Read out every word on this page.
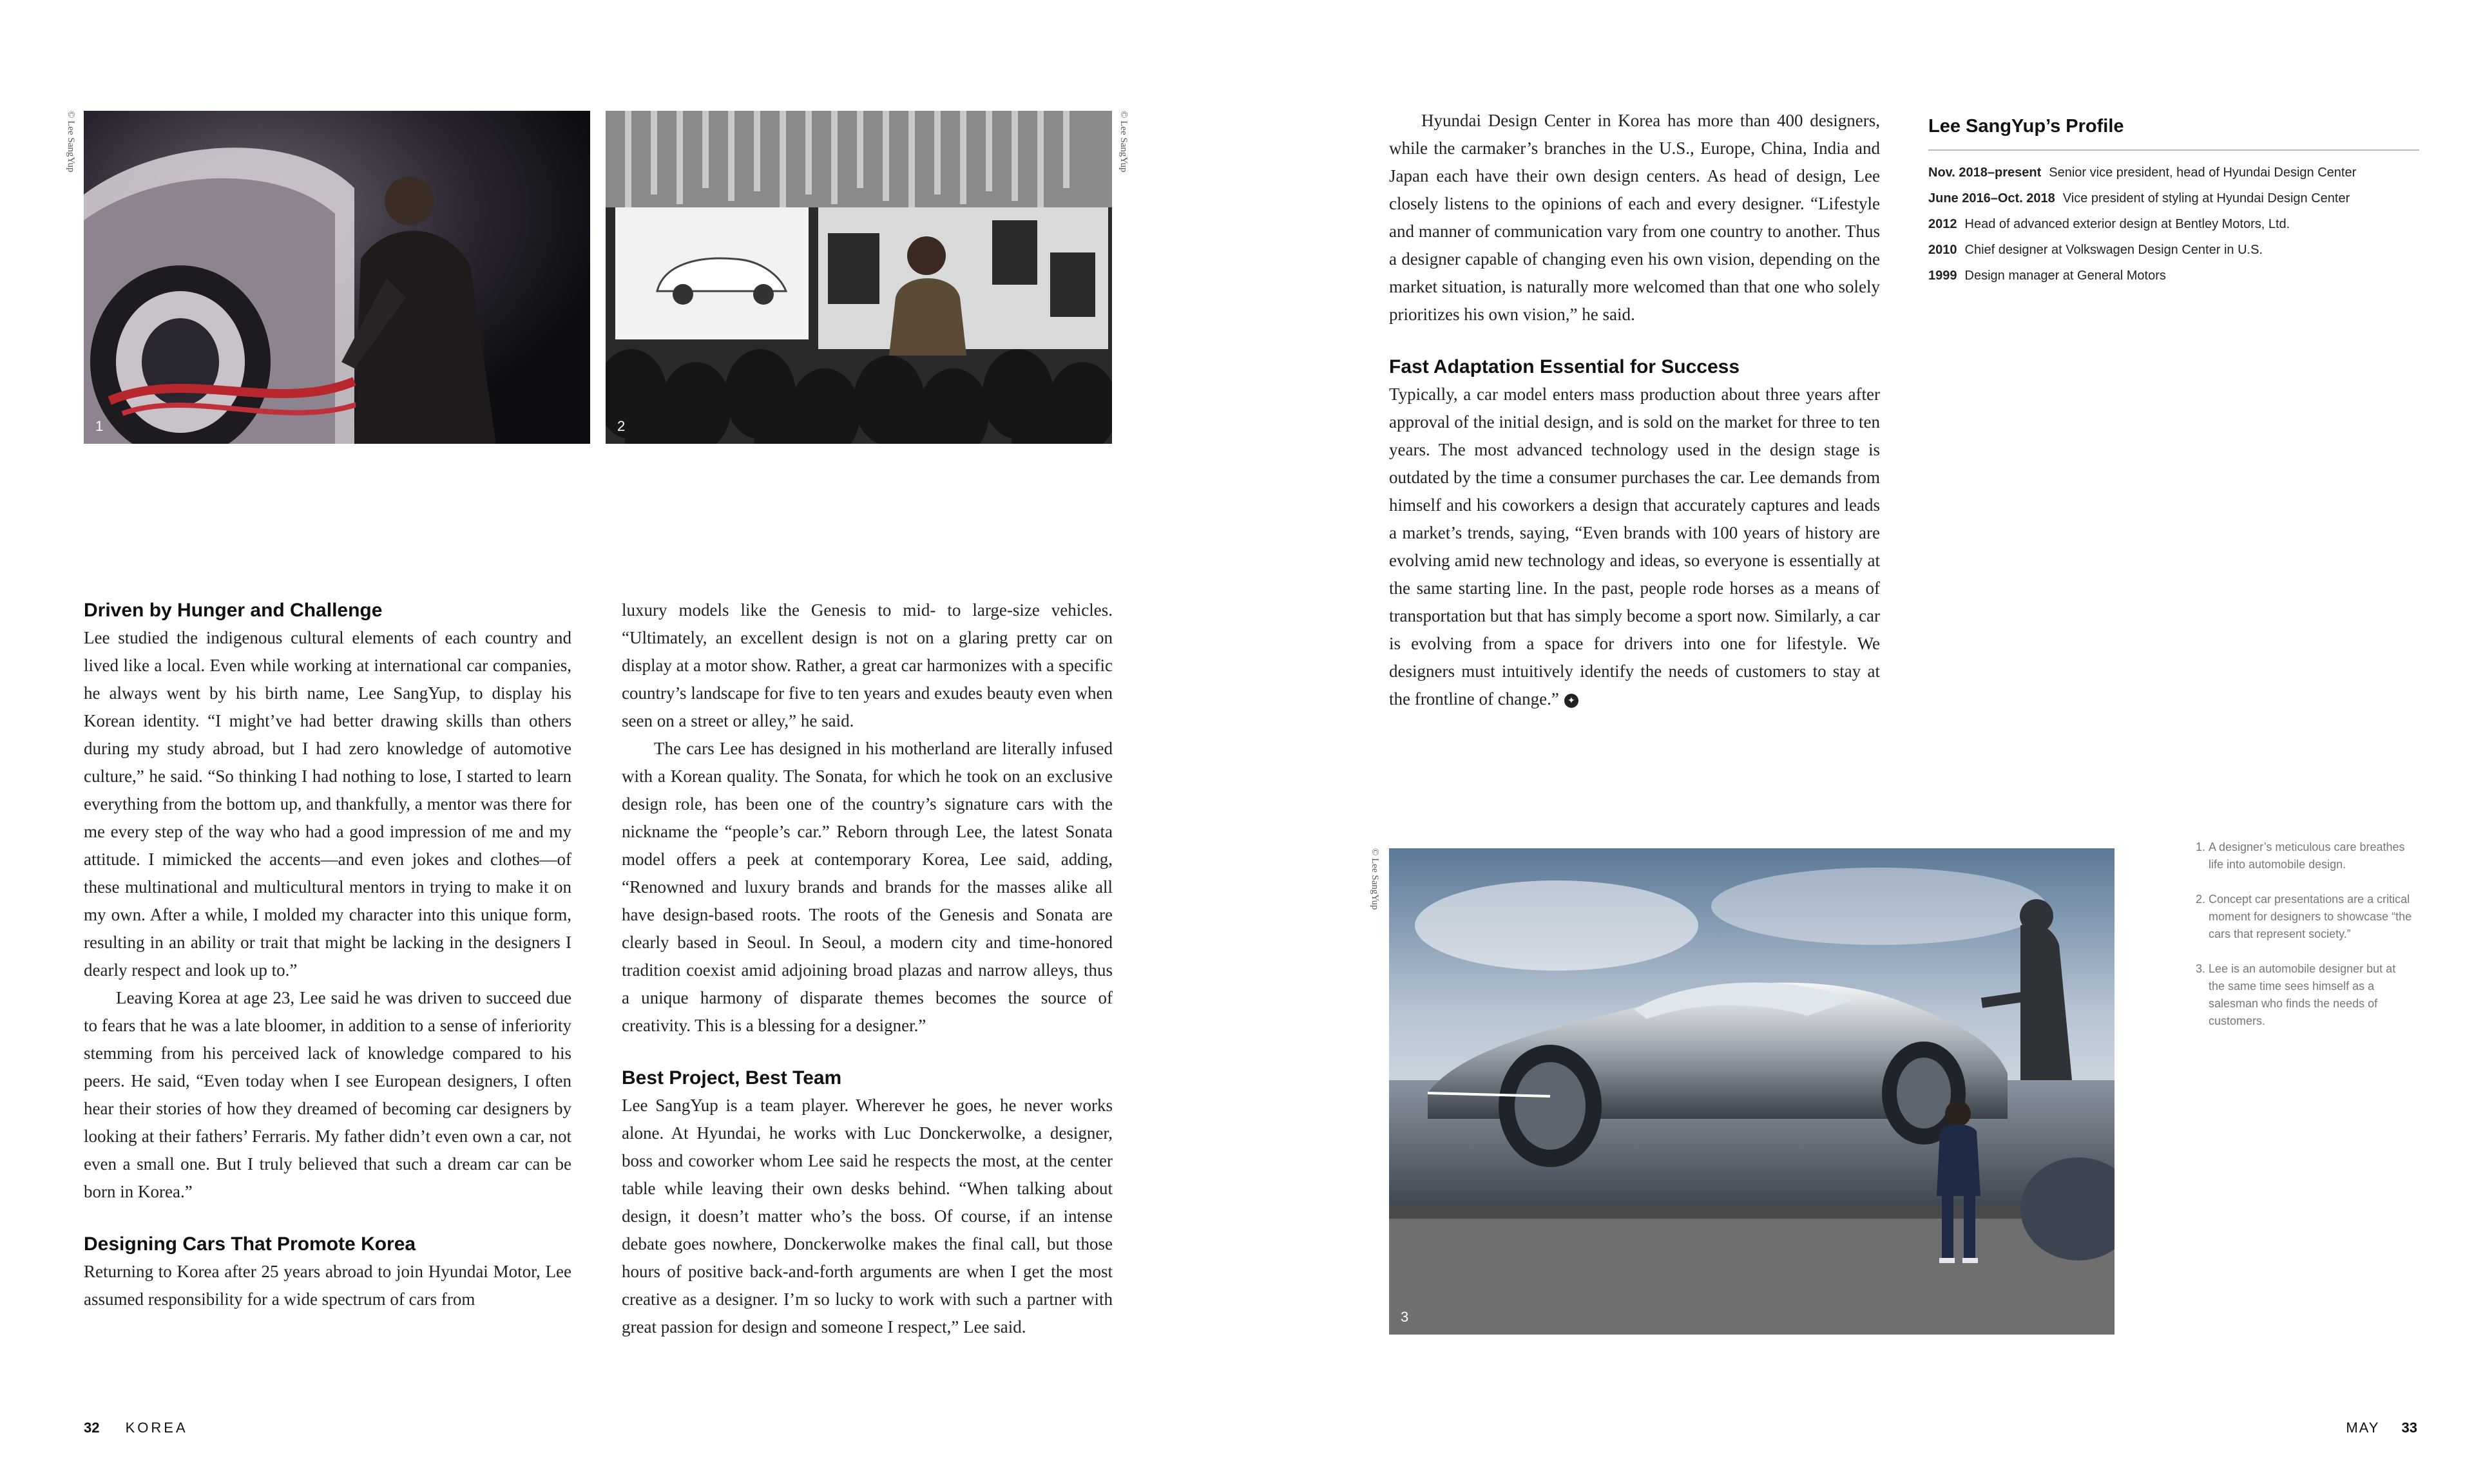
1
© Lee SangYup
2
© Lee SangYup
Driven by Hunger and Challenge

Lee studied the indigenous cultural elements of each country and lived like a local. Even while working at international car companies, he always went by his birth name, Lee SangYup, to display his Korean identity. “I might’ve had better drawing skills than others during my study abroad, but I had zero knowledge of automotive culture,” he said. “So thinking I had nothing to lose, I started to learn everything from the bottom up, and thankfully, a mentor was there for me every step of the way who had a good impression of me and my attitude. I mimicked the accents—and even jokes and clothes—of these multinational and multicultural mentors in trying to make it on my own. After a while, I molded my character into this unique form, resulting in an ability or trait that might be lacking in the designers I dearly respect and look up to.”

Leaving Korea at age 23, Lee said he was driven to succeed due to fears that he was a late bloomer, in addition to a sense of inferiority stemming from his perceived lack of knowledge compared to his peers. He said, “Even today when I see European designers, I often hear their stories of how they dreamed of becoming car designers by looking at their fathers’ Ferraris. My father didn’t even own a car, not even a small one. But I truly believed that such a dream car can be born in Korea.”

Designing Cars That Promote Korea

Returning to Korea after 25 years abroad to join Hyundai Motor, Lee assumed responsibility for a wide spectrum of cars from

luxury models like the Genesis to mid- to large-size vehicles. “Ultimately, an excellent design is not on a glaring pretty car on display at a motor show. Rather, a great car harmonizes with a specific country’s landscape for five to ten years and exudes beauty even when seen on a street or alley,” he said.

The cars Lee has designed in his motherland are literally infused with a Korean quality. The Sonata, for which he took on an exclusive design role, has been one of the country’s signature cars with the nickname the “people’s car.” Reborn through Lee, the latest Sonata model offers a peek at contemporary Korea, Lee said, adding, “Renowned and luxury brands and brands for the masses alike all have design-based roots. The roots of the Genesis and Sonata are clearly based in Seoul. In Seoul, a modern city and time-honored tradition coexist amid adjoining broad plazas and narrow alleys, thus a unique harmony of disparate themes becomes the source of creativity. This is a blessing for a designer.”

Best Project, Best Team

Lee SangYup is a team player. Wherever he goes, he never works alone. At Hyundai, he works with Luc Donckerwolke, a designer, boss and coworker whom Lee said he respects the most, at the center table while leaving their own desks behind. “When talking about design, it doesn’t matter who’s the boss. Of course, if an intense debate goes nowhere, Donckerwolke makes the final call, but those hours of positive back-and-forth arguments are when I get the most creative as a designer. I’m so lucky to work with such a partner with great passion for design and someone I respect,” Lee said.

32 KOREA

Hyundai Design Center in Korea has more than 400 designers, while the carmaker’s branches in the U.S., Europe, China, India and Japan each have their own design centers. As head of design, Lee closely listens to the opinions of each and every designer. “Lifestyle and manner of communication vary from one country to another. Thus a designer capable of changing even his own vision, depending on the market situation, is naturally more welcomed than that one who solely prioritizes his own vision,” he said.

Fast Adaptation Essential for Success

Typically, a car model enters mass production about three years after approval of the initial design, and is sold on the market for three to ten years. The most advanced technology used in the design stage is outdated by the time a consumer purchases the car. Lee demands from himself and his coworkers a design that accurately captures and leads a market’s trends, saying, “Even brands with 100 years of history are evolving amid new technology and ideas, so everyone is essentially at the same starting line. In the past, people rode horses as a means of transportation but that has simply become a sport now. Similarly, a car is evolving from a space for drivers into one for lifestyle. We designers must intuitively identify the needs of customers to stay at the frontline of change.” ✦

Lee SangYup’s Profile
Nov. 2018–present Senior vice president, head of Hyundai Design Center
June 2016–Oct. 2018 Vice president of styling at Hyundai Design Center
2012 Head of advanced exterior design at Bentley Motors, Ltd.
2010 Chief designer at Volkswagen Design Center in U.S.
1999 Design manager at General Motors
3
© Lee SangYup
1. A designer’s meticulous care breathes life into automobile design.
2. Concept car presentations are a critical moment for designers to showcase “the cars that represent society.”
3. Lee is an automobile designer but at the same time sees himself as a salesman who finds the needs of customers.
MAY 33
